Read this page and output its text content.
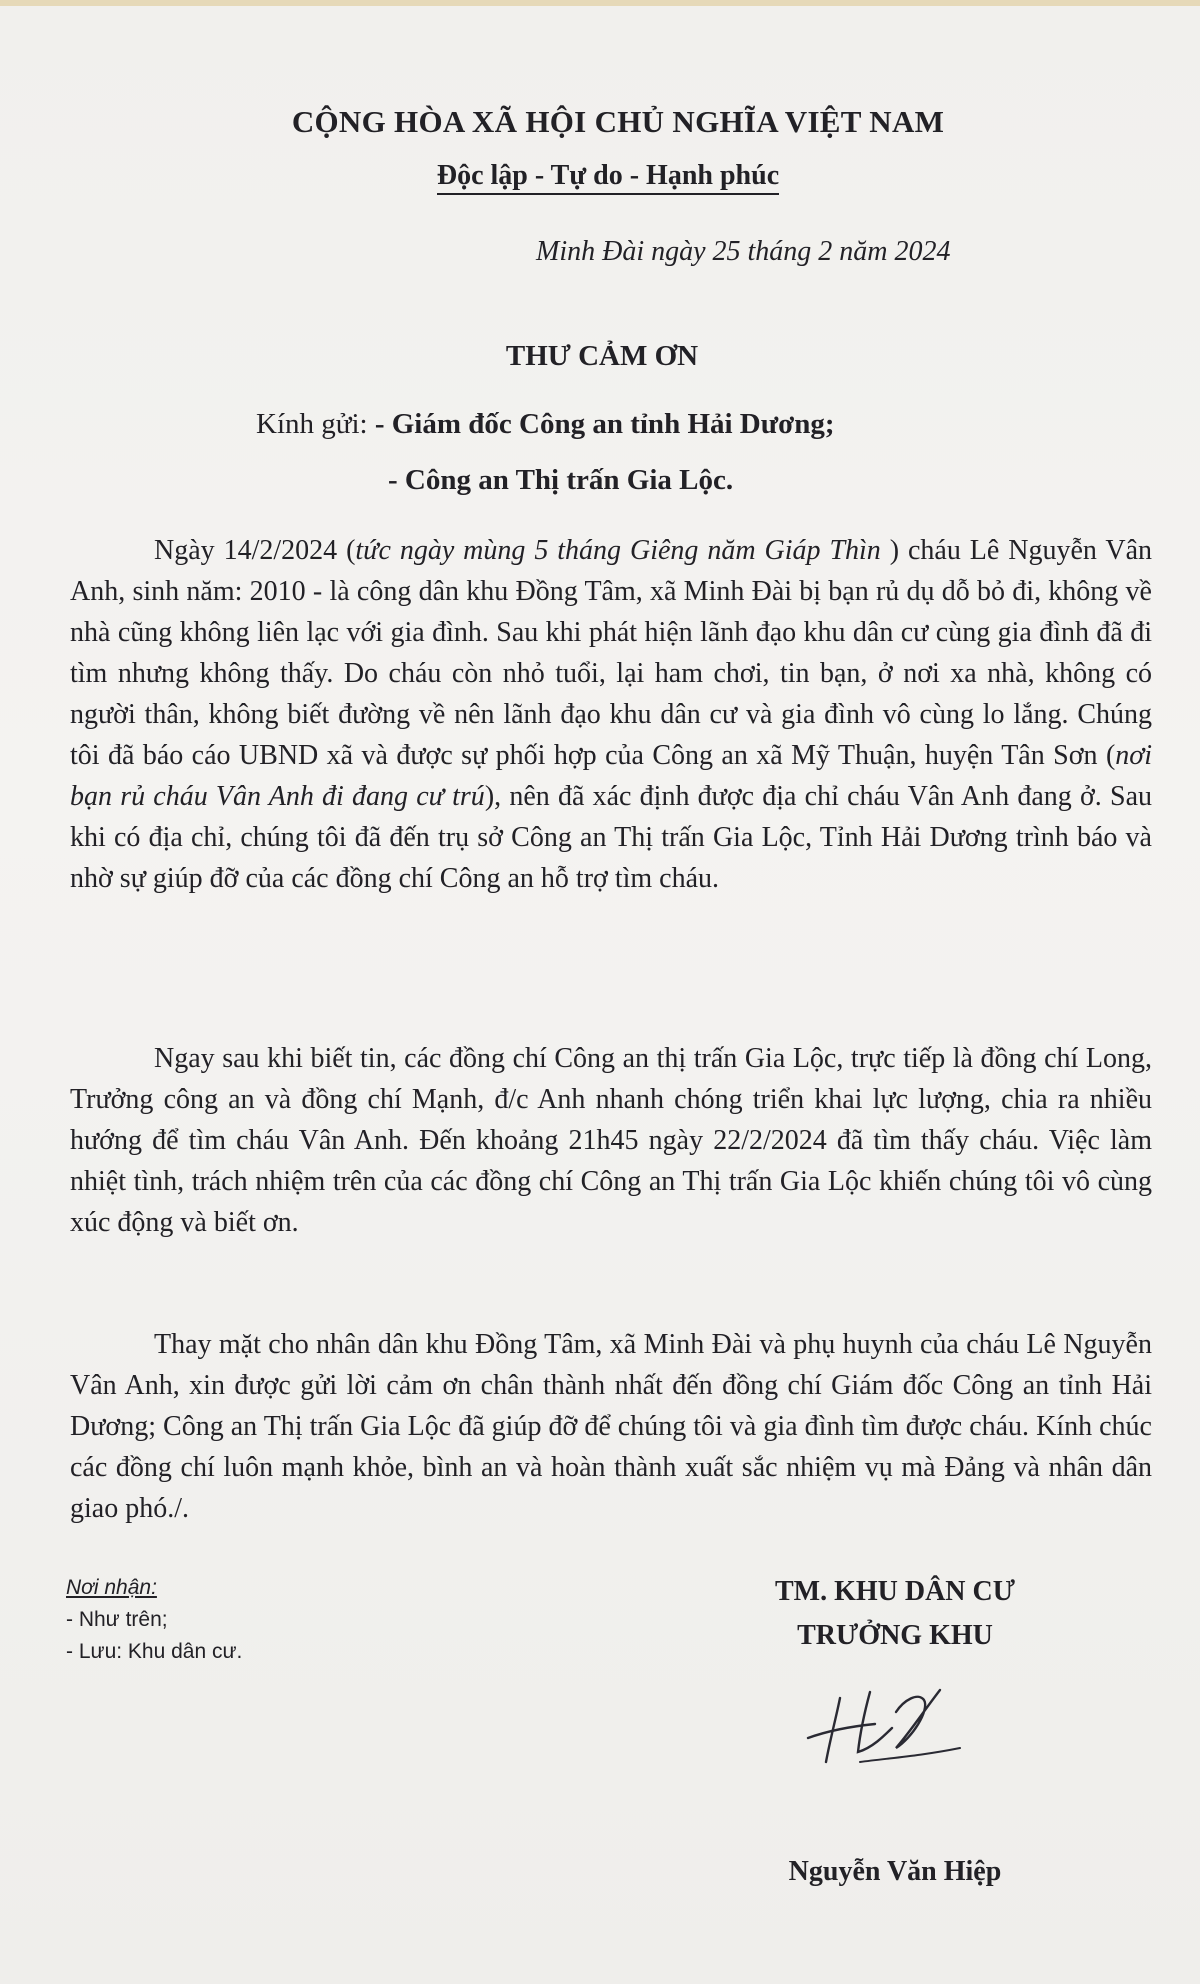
CỘNG HÒA XÃ HỘI CHỦ NGHĨA VIỆT NAM
Độc lập - Tự do - Hạnh phúc
Minh Đài ngày 25 tháng 2 năm 2024
THƯ CẢM ƠN
Kính gửi: - Giám đốc Công an tỉnh Hải Dương;
- Công an Thị trấn Gia Lộc.

Ngày 14/2/2024 (tức ngày mùng 5 tháng Giêng năm Giáp Thìn ) cháu Lê Nguyễn Vân Anh, sinh năm: 2010 - là công dân khu Đồng Tâm, xã Minh Đài bị bạn rủ dụ dỗ bỏ đi, không về nhà cũng không liên lạc với gia đình. Sau khi phát hiện lãnh đạo khu dân cư cùng gia đình đã đi tìm nhưng không thấy. Do cháu còn nhỏ tuổi, lại ham chơi, tin bạn, ở nơi xa nhà, không có người thân, không biết đường về nên lãnh đạo khu dân cư và gia đình vô cùng lo lắng. Chúng tôi đã báo cáo UBND xã và được sự phối hợp của Công an xã Mỹ Thuận, huyện Tân Sơn (nơi bạn rủ cháu Vân Anh đi đang cư trú), nên đã xác định được địa chỉ cháu Vân Anh đang ở. Sau khi có địa chỉ, chúng tôi đã đến trụ sở Công an Thị trấn Gia Lộc, Tỉnh Hải Dương trình báo và nhờ sự giúp đỡ của các đồng chí Công an hỗ trợ tìm cháu.

Ngay sau khi biết tin, các đồng chí Công an thị trấn Gia Lộc, trực tiếp là đồng chí Long, Trưởng công an và đồng chí Mạnh, đ/c Anh nhanh chóng triển khai lực lượng, chia ra nhiều hướng để tìm cháu Vân Anh. Đến khoảng 21h45 ngày 22/2/2024 đã tìm thấy cháu. Việc làm nhiệt tình, trách nhiệm trên của các đồng chí Công an Thị trấn Gia Lộc khiến chúng tôi vô cùng xúc động và biết ơn.

Thay mặt cho nhân dân khu Đồng Tâm, xã Minh Đài và phụ huynh của cháu Lê Nguyễn Vân Anh, xin được gửi lời cảm ơn chân thành nhất đến đồng chí Giám đốc Công an tỉnh Hải Dương; Công an Thị trấn Gia Lộc đã giúp đỡ để chúng tôi và gia đình tìm được cháu. Kính chúc các đồng chí luôn mạnh khỏe, bình an và hoàn thành xuất sắc nhiệm vụ mà Đảng và nhân dân giao phó./.

Nơi nhận:
- Như trên;
- Lưu: Khu dân cư.
TM. KHU DÂN CƯ
TRƯỞNG KHU
Nguyễn Văn Hiệp
